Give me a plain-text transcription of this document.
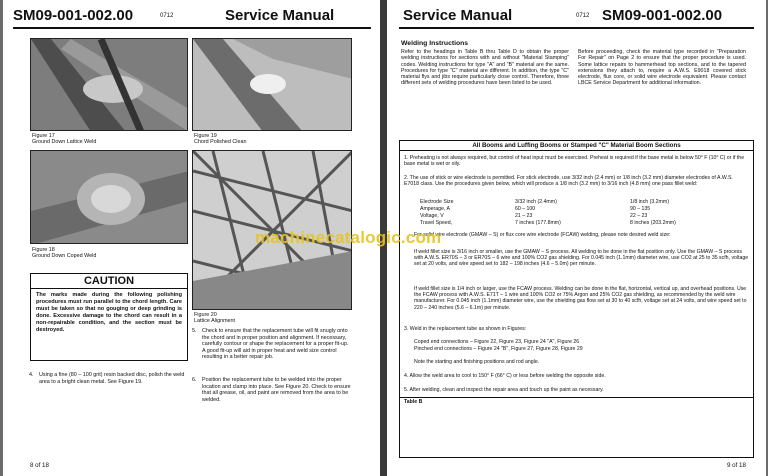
SM09-001-002.00	0712	Service Manual
Figure 17
Ground Down Lattice Weld
Figure 18
Ground Down Coped Weld
Figure 19
Chord Polished Clean
Figure 20
Lattice Alignment
CAUTION

The marks made during the following polishing procedures must run parallel to the chord length. Care must be taken so that no gouging or deep grinding is done. Excessive damage to the chord can result in a non-repairable condition, and the section must be destroyed.

4. Using a fine (80 – 100 grit) resin backed disc, polish the weld area to a bright clean metal. See Figure 19.
5. Check to ensure that the replacement tube will fit snugly onto the chord and in proper position and alignment. If necessary, carefully contour or shape the replacement for a proper fit-up. A good fit-up will aid in proper heat and weld size control resulting in a better repair job.
6. Position the replacement tube to be welded into the proper location and clamp into place. See Figure 20. Check to ensure that all grease, oil, and paint are removed from the area to be welded.
8 of 18
Service Manual	0712 SM09-001-002.00
Welding Instructions
Refer to the headings in Table B thru Table D to obtain the proper welding instructions for sections with and without "Material Stamping" codes. Welding instructions for type "A" and "B" material are the same. Procedures for type "C" material are different. In addition, the type "C" material flys and jibs require particularly close control. Therefore, three different sets of welding procedures have been listed to be used.
Before proceeding, check the material type recorded in "Preparation For Repair" on Page 2 to ensure that the proper procedure is used. Some lattice repairs to hammerhead top sections, and to the tapered extensions they attach to, require a A.W.S. E9018 covered stick electrode, flux core, or solid wire electrode equivalent. Please contact LBCE Service Department for additional information.
All Booms and Luffing Booms or Stamped "C" Material Boom Sections
1. Preheating is not always required, but control of heat input must be exercised. Preheat is required if the base metal is below 50° F (10° C) or if the base metal is wet or oily.
2. The use of stick or wire electrode is permitted. For stick electrode, use 3/32 inch (2.4 mm) or 1/8 inch (3.2 mm) diameter electrodes of A.W.S. E7018 class. Use the procedures given below, which will produce a 1/8 inch (3.2 mm) to 3/16 inch (4.8 mm) one pass fillet weld:
Electrode Size	3/32 inch (2.4mm)	1/8 inch (3.2mm)
Amperage, A	60 – 100	90 – 135
Voltage, V	21 – 23	22 – 23
Travel Speed,	7 inches (177.8mm)	8 inches (203.2mm)
For solid wire electrode (GMAW – S) or flux core wire electrode (FCAW) welding, please note desired weld size:
If weld fillet size is 3/16 inch or smaller, use the GMAW – S process. All welding to be done in the flat position only. Use the GMAW – S process with A.W.S. ER70S – 3 or ER70S – 6 wire and 100% CO2 gas shielding. For 0.045 inch (1.1mm) diameter wire, use CO2 at 25 to 35 scfh, voltage set at 20 volts, and wire speed set to 182 – 198 inches (4.6 – 5.0m) per minute.
If weld fillet size is 1/4 inch or larger, use the FCAW process. Welding can be done in the flat, horizontal, vertical up, and overhead positions. Use the FCAW process with A.W.S. E71T – 1 wire and 100% CO2 or 75% Argon and 25% CO2 gas shielding, as recommended by the weld wire manufacturer. For 0.045 inch (1.1mm) diameter wire, use the shielding gas flow set at 30 to 40 scfh, voltage set at 24 volts, and wire speed set to 220 – 240 inches (5.6 – 6.1m) per minute.
3. Weld in the replacement tube as shown in Figures:
Coped end connections – Figure 22, Figure 23, Figure 24 "A", Figure 26
Pinched end connections – Figure 24 "B", Figure 27, Figure 28, Figure 29
Note the starting and finishing positions and rod angle.
4. Allow the weld area to cool to 150° F (66° C) or less before welding the opposite side.
5. After welding, clean and inspect the repair area and touch up the paint as necessary.
Table B
9 of 18
machinecatalogic.com
